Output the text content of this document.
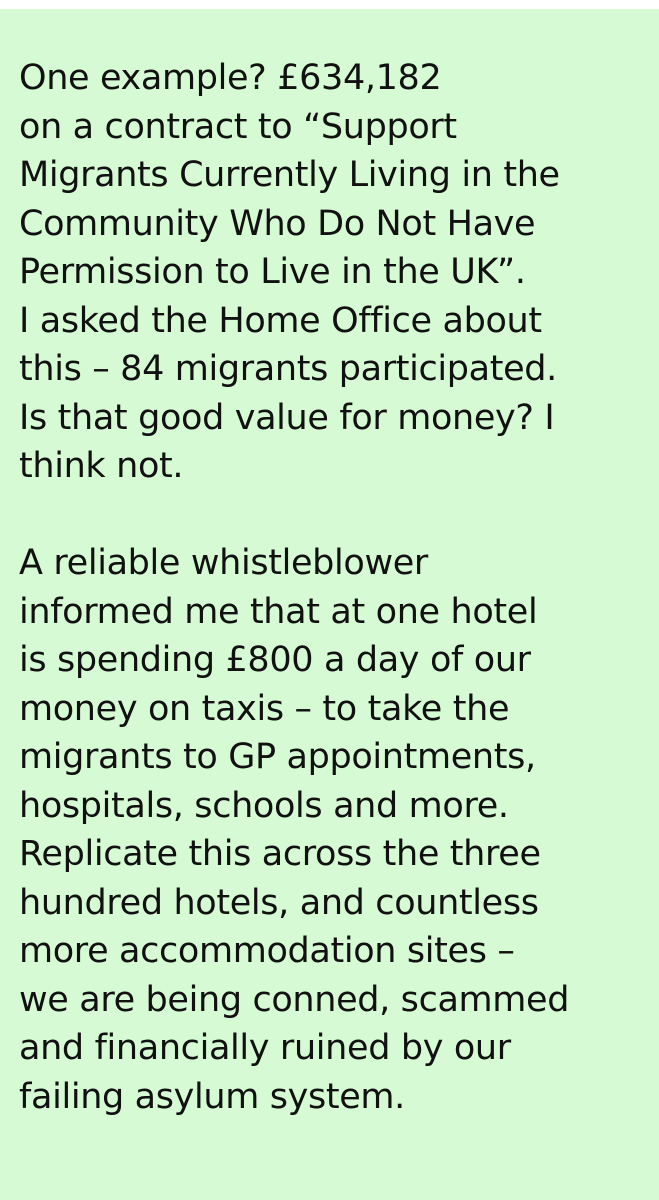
One example? £634,182
on a contract to “Support
Migrants Currently Living in the
Community Who Do Not Have
Permission to Live in the UK”.
I asked the Home Office about
this – 84 migrants participated.
Is that good value for money? I
think not.
A reliable whistleblower
informed me that at one hotel
is spending £800 a day of our
money on taxis – to take the
migrants to GP appointments,
hospitals, schools and more.
Replicate this across the three
hundred hotels, and countless
more accommodation sites –
we are being conned, scammed
and financially ruined by our
failing asylum system.
